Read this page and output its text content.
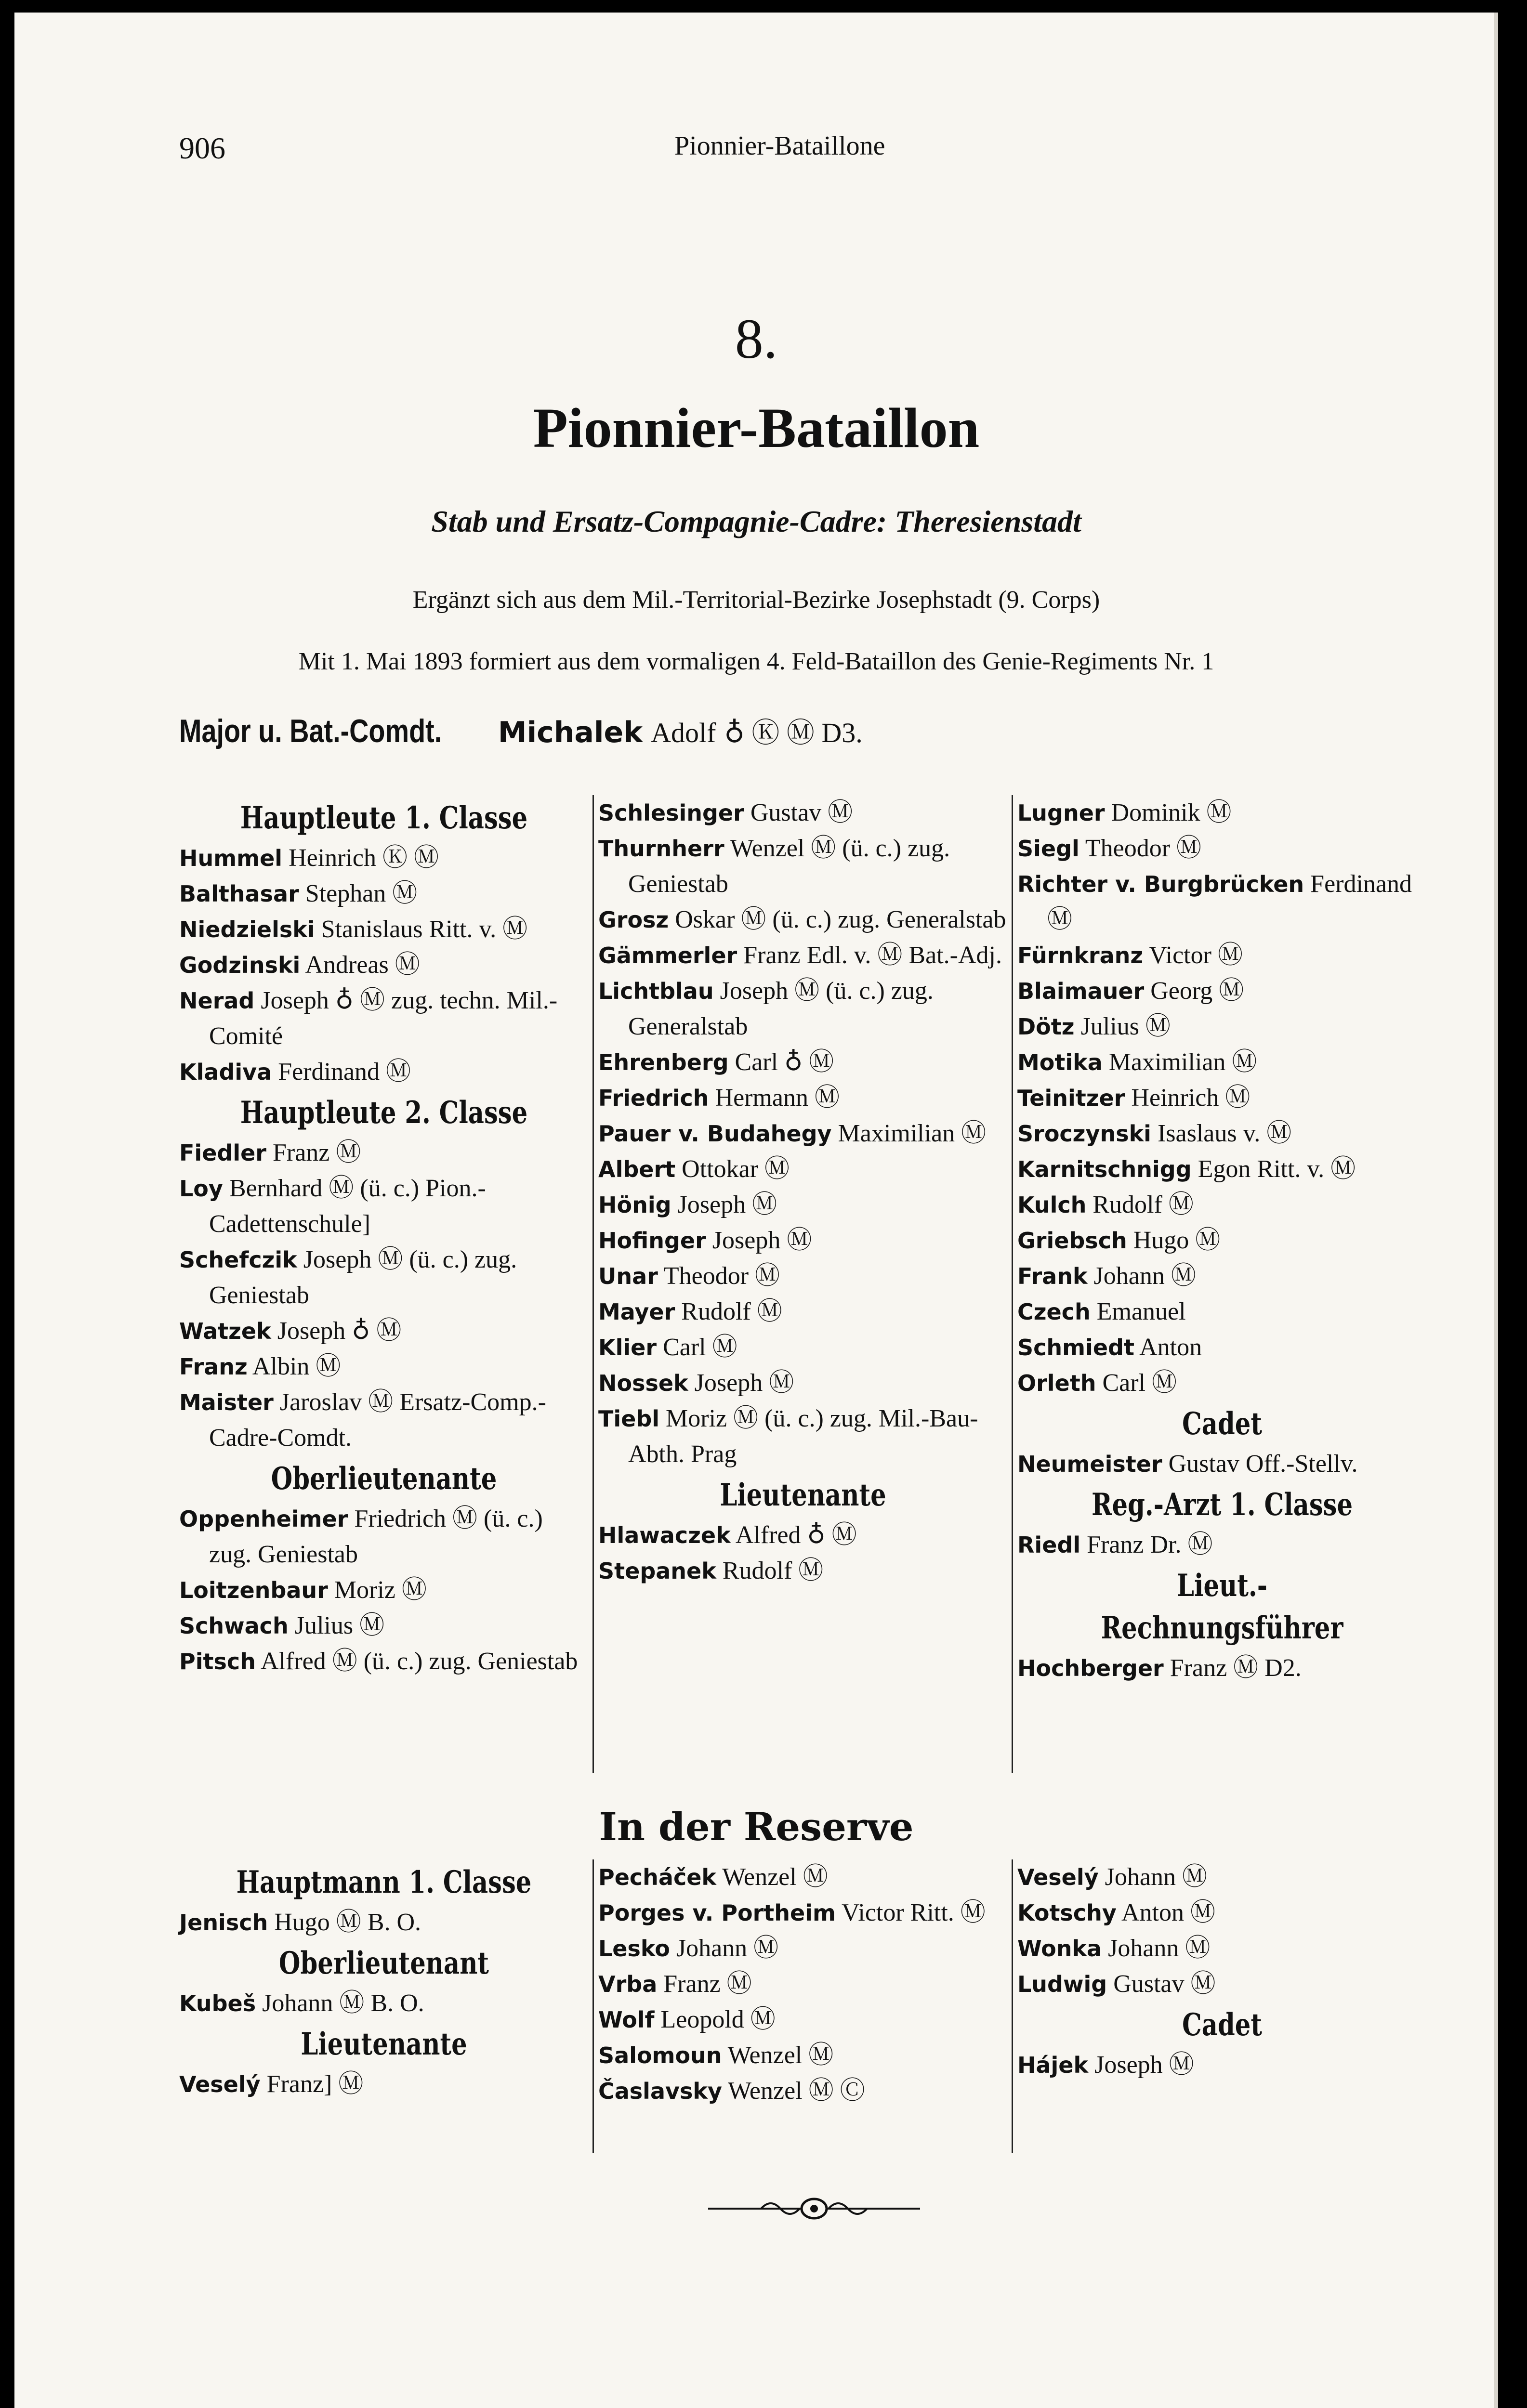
906	Pionnier-Bataillone
8.
Pionnier-Bataillon
Stab und Ersatz-Compagnie-Cadre: Theresienstadt
Ergänzt sich aus dem Mil.-Territorial-Bezirke Josephstadt (9. Corps)
Mit 1. Mai 1893 formiert aus dem vormaligen 4. Feld-Bataillon des Genie-Regiments Nr. 1
Major u. Bat.-Comdt. Michalek Adolf ♁ Ⓚ Ⓜ D3.
Hauptleute 1. Classe
Hummel Heinrich Ⓚ Ⓜ
Balthasar Stephan Ⓜ
Niedzielski Stanislaus Ritt. v. Ⓜ
Godzinski Andreas Ⓜ
Nerad Joseph ♁ Ⓜ zug. techn. Mil.-Comité
Kladiva Ferdinand Ⓜ
Hauptleute 2. Classe
Fiedler Franz Ⓜ
Loy Bernhard Ⓜ (ü. c.) Pion.-Cadettenschule]
Schefczik Joseph Ⓜ (ü. c.) zug. Geniestab
Watzek Joseph ♁ Ⓜ
Franz Albin Ⓜ
Maister Jaroslav Ⓜ Ersatz-Comp.-Cadre-Comdt.
Oberlieutenante
Oppenheimer Friedrich Ⓜ (ü. c.) zug. Geniestab
Loitzenbaur Moriz Ⓜ
Schwach Julius Ⓜ
Pitsch Alfred Ⓜ (ü. c.) zug. Geniestab
Schlesinger Gustav Ⓜ
Thurnherr Wenzel Ⓜ (ü. c.) zug. Geniestab
Grosz Oskar Ⓜ (ü. c.) zug. Generalstab
Gämmerler Franz Edl. v. Ⓜ Bat.-Adj.
Lichtblau Joseph Ⓜ (ü. c.) zug. Generalstab
Ehrenberg Carl ♁ Ⓜ
Friedrich Hermann Ⓜ
Pauer v. Budahegy Maximilian Ⓜ
Albert Ottokar Ⓜ
Hönig Joseph Ⓜ
Hofinger Joseph Ⓜ
Unar Theodor Ⓜ
Mayer Rudolf Ⓜ
Klier Carl Ⓜ
Nossek Joseph Ⓜ
Tiebl Moriz Ⓜ (ü. c.) zug. Mil.-Bau-Abth. Prag
Lieutenante
Hlawaczek Alfred ♁ Ⓜ
Stepanek Rudolf Ⓜ
Lugner Dominik Ⓜ
Siegl Theodor Ⓜ
Richter v. Burgbrücken Ferdinand Ⓜ
Fürnkranz Victor Ⓜ
Blaimauer Georg Ⓜ
Dötz Julius Ⓜ
Motika Maximilian Ⓜ
Teinitzer Heinrich Ⓜ
Sroczynski Isaslaus v. Ⓜ
Karnitschnigg Egon Ritt. v. Ⓜ
Kulch Rudolf Ⓜ
Griebsch Hugo Ⓜ
Frank Johann Ⓜ
Czech Emanuel
Schmiedt Anton
Orleth Carl Ⓜ
Cadet
Neumeister Gustav Off.-Stellv.
Reg.-Arzt 1. Classe
Riedl Franz Dr. Ⓜ
Lieut.-Rechnungsführer
Hochberger Franz Ⓜ D2.
In der Reserve
Hauptmann 1. Classe
Jenisch Hugo Ⓜ B. O.
Oberlieutenant
Kubeš Johann Ⓜ B. O.
Lieutenante
Veselý Franz] Ⓜ
Pecháček Wenzel Ⓜ
Porges v. Portheim Victor Ritt. Ⓜ
Lesko Johann Ⓜ
Vrba Franz Ⓜ
Wolf Leopold Ⓜ
Salomoun Wenzel Ⓜ
Časlavsky Wenzel Ⓜ Ⓒ
Veselý Johann Ⓜ
Kotschy Anton Ⓜ
Wonka Johann Ⓜ
Ludwig Gustav Ⓜ
Cadet
Hájek Joseph Ⓜ
